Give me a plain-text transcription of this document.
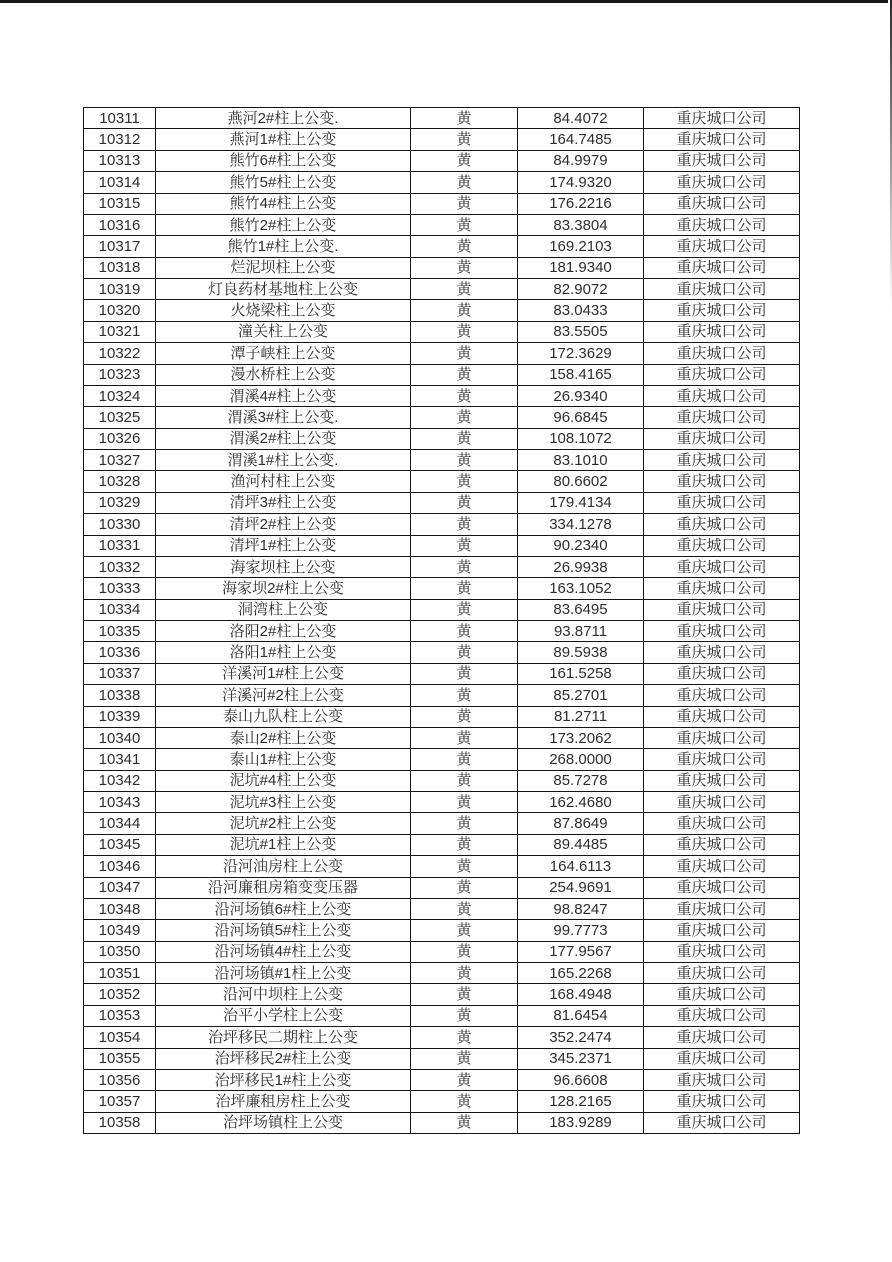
10311	燕河2#柱上公变.	黄	84.4072	重庆城口公司
10312	燕河1#柱上公变	黄	164.7485	重庆城口公司
10313	熊竹6#柱上公变	黄	84.9979	重庆城口公司
10314	熊竹5#柱上公变	黄	174.9320	重庆城口公司
10315	熊竹4#柱上公变	黄	176.2216	重庆城口公司
10316	熊竹2#柱上公变	黄	83.3804	重庆城口公司
10317	熊竹1#柱上公变.	黄	169.2103	重庆城口公司
10318	烂泥坝柱上公变	黄	181.9340	重庆城口公司
10319	灯良药材基地柱上公变	黄	82.9072	重庆城口公司
10320	火烧梁柱上公变	黄	83.0433	重庆城口公司
10321	潼关柱上公变	黄	83.5505	重庆城口公司
10322	潭子峡柱上公变	黄	172.3629	重庆城口公司
10323	漫水桥柱上公变	黄	158.4165	重庆城口公司
10324	渭溪4#柱上公变	黄	26.9340	重庆城口公司
10325	渭溪3#柱上公变.	黄	96.6845	重庆城口公司
10326	渭溪2#柱上公变	黄	108.1072	重庆城口公司
10327	渭溪1#柱上公变.	黄	83.1010	重庆城口公司
10328	渔河村柱上公变	黄	80.6602	重庆城口公司
10329	清坪3#柱上公变	黄	179.4134	重庆城口公司
10330	清坪2#柱上公变	黄	334.1278	重庆城口公司
10331	清坪1#柱上公变	黄	90.2340	重庆城口公司
10332	海家坝柱上公变	黄	26.9938	重庆城口公司
10333	海家坝2#柱上公变	黄	163.1052	重庆城口公司
10334	洞湾柱上公变	黄	83.6495	重庆城口公司
10335	洛阳2#柱上公变	黄	93.8711	重庆城口公司
10336	洛阳1#柱上公变	黄	89.5938	重庆城口公司
10337	洋溪河1#柱上公变	黄	161.5258	重庆城口公司
10338	洋溪河#2柱上公变	黄	85.2701	重庆城口公司
10339	泰山九队柱上公变	黄	81.2711	重庆城口公司
10340	泰山2#柱上公变	黄	173.2062	重庆城口公司
10341	泰山1#柱上公变	黄	268.0000	重庆城口公司
10342	泥坑#4柱上公变	黄	85.7278	重庆城口公司
10343	泥坑#3柱上公变	黄	162.4680	重庆城口公司
10344	泥坑#2柱上公变	黄	87.8649	重庆城口公司
10345	泥坑#1柱上公变	黄	89.4485	重庆城口公司
10346	沿河油房柱上公变	黄	164.6113	重庆城口公司
10347	沿河廉租房箱变变压器	黄	254.9691	重庆城口公司
10348	沿河场镇6#柱上公变	黄	98.8247	重庆城口公司
10349	沿河场镇5#柱上公变	黄	99.7773	重庆城口公司
10350	沿河场镇4#柱上公变	黄	177.9567	重庆城口公司
10351	沿河场镇#1柱上公变	黄	165.2268	重庆城口公司
10352	沿河中坝柱上公变	黄	168.4948	重庆城口公司
10353	治平小学柱上公变	黄	81.6454	重庆城口公司
10354	治坪移民二期柱上公变	黄	352.2474	重庆城口公司
10355	治坪移民2#柱上公变	黄	345.2371	重庆城口公司
10356	治坪移民1#柱上公变	黄	96.6608	重庆城口公司
10357	治坪廉租房柱上公变	黄	128.2165	重庆城口公司
10358	治坪场镇柱上公变	黄	183.9289	重庆城口公司
